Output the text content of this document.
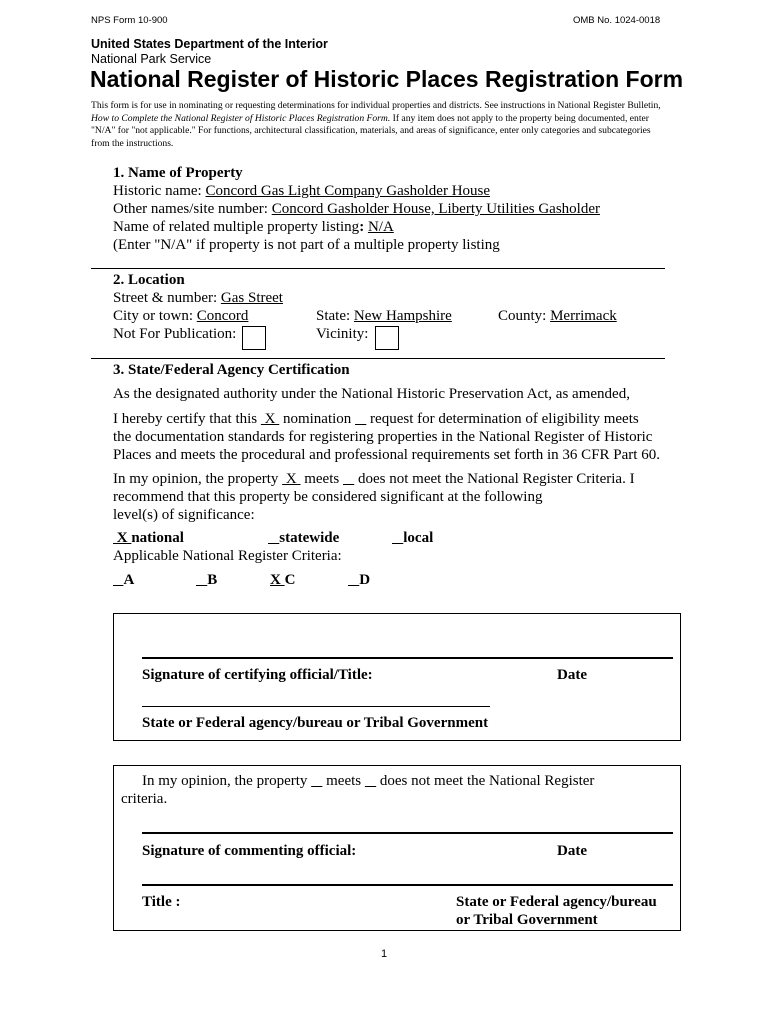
NPS Form 10-900	OMB No. 1024-0018
United States Department of the Interior
National Park Service
National Register of Historic Places Registration Form
This form is for use in nominating or requesting determinations for individual properties and districts. See instructions in National Register Bulletin,
How to Complete the National Register of Historic Places Registration Form. If any item does not apply to the property being documented, enter
"N/A" for "not applicable." For functions, architectural classification, materials, and areas of significance, enter only categories and subcategories
from the instructions.
1. Name of Property
Historic name: Concord Gas Light Company Gasholder House
Other names/site number: Concord Gasholder House, Liberty Utilities Gasholder
Name of related multiple property listing: N/A
(Enter "N/A" if property is not part of a multiple property listing
2. Location
Street & number: Gas Street
City or town: Concord	State: New Hampshire	County: Merrimack
Not For Publication:	Vicinity:
3. State/Federal Agency Certification
As the designated authority under the National Historic Preservation Act, as amended,
I hereby certify that this  X  nomination     request for determination of eligibility meets
the documentation standards for registering properties in the National Register of Historic
Places and meets the procedural and professional requirements set forth in 36 CFR Part 60.
In my opinion, the property  X  meets     does not meet the National Register Criteria. I
recommend that this property be considered significant at the following
level(s) of significance:
X national	statewide	local
Applicable National Register Criteria:
A	B	X C	D
Signature of certifying official/Title:	Date
State or Federal agency/bureau or Tribal Government
In my opinion, the property     meets     does not meet the National Register
criteria.
Signature of commenting official:	Date
Title :	State or Federal agency/bureau
or Tribal Government
1
